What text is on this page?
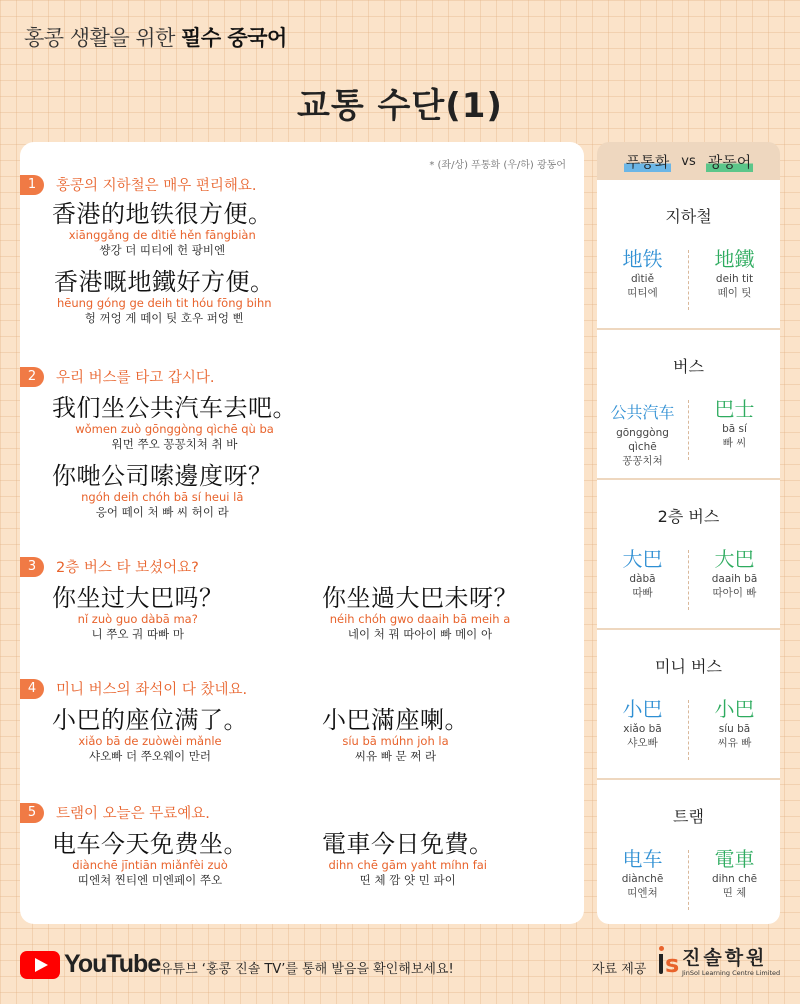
홍콩 생활을 위한 필수 중국어
교통 수단(1)
* (좌/상) 푸통화 (우/하) 광동어
1	홍콩의 지하철은 매우 편리해요.
香港的地铁很方便。
xiānggǎng de dìtiě hěn fāngbiàn
썅강 더 띠티에 헌 팡비엔
香港嘅地鐵好方便。
hēung góng ge deih tit hóu fōng bihn
헝 꺼엉 게 떼이 팃 호우 퍼엉 삔
2	우리 버스를 타고 갑시다.
我们坐公共汽车去吧。
wǒmen zuò gōnggòng qìchē qù ba
워먼 쭈오 꽁꽁치쳐 취 바
你哋公司嗦邊度呀？
ngóh deih chóh bā sí heui lā
응어 떼이 처 빠 씨 허이 라
3	2층 버스 타 보셨어요?
你坐过大巴吗？
nǐ zuò guo dàbā ma?
니 쭈오 궈 따빠 마
你坐過大巴未呀？
néih chóh gwo daaih bā meih a
네이 처 꿔 따아이 빠 메이 아
4	미니 버스의 좌석이 다 찼네요.
小巴的座位满了。
xiǎo bā de zuòwèi mǎnle
샤오빠 더 쭈오웨이 만러
小巴滿座喇。
síu bā múhn joh la
씨유 빠 문 쩌 라
5	트램이 오늘은 무료예요.
电车今天免费坐。
diànchē jīntiān miǎnfèi zuò
띠엔쳐 찐티엔 미엔페이 쭈오
電車今日免費。
dihn chē gām yaht míhn fai
띤 체 깜 얏 민 파이
푸통화 vs 광동어
지하철
地铁
dìtiě
띠티에
地鐵
deih tit
떼이 팃
버스
公共汽车
gōnggòng
qìchē
꽁꽁치쳐
巴士
bā sí
빠 씨
2층 버스
大巴
dàbā
따빠
大巴
daaih bā
따아이 빠
미니 버스
小巴
xiǎo bā
샤오빠
小巴
síu bā
씨유 빠
트램
电车
diànchē
띠엔쳐
電車
dihn chē
띤 체
YouTube 유튜브 ‘홍콩 진솔 TV’를 통해 발음을 확인해보세요!	자료 제공 s 진솔학원
JinSol Learning Centre Limited
